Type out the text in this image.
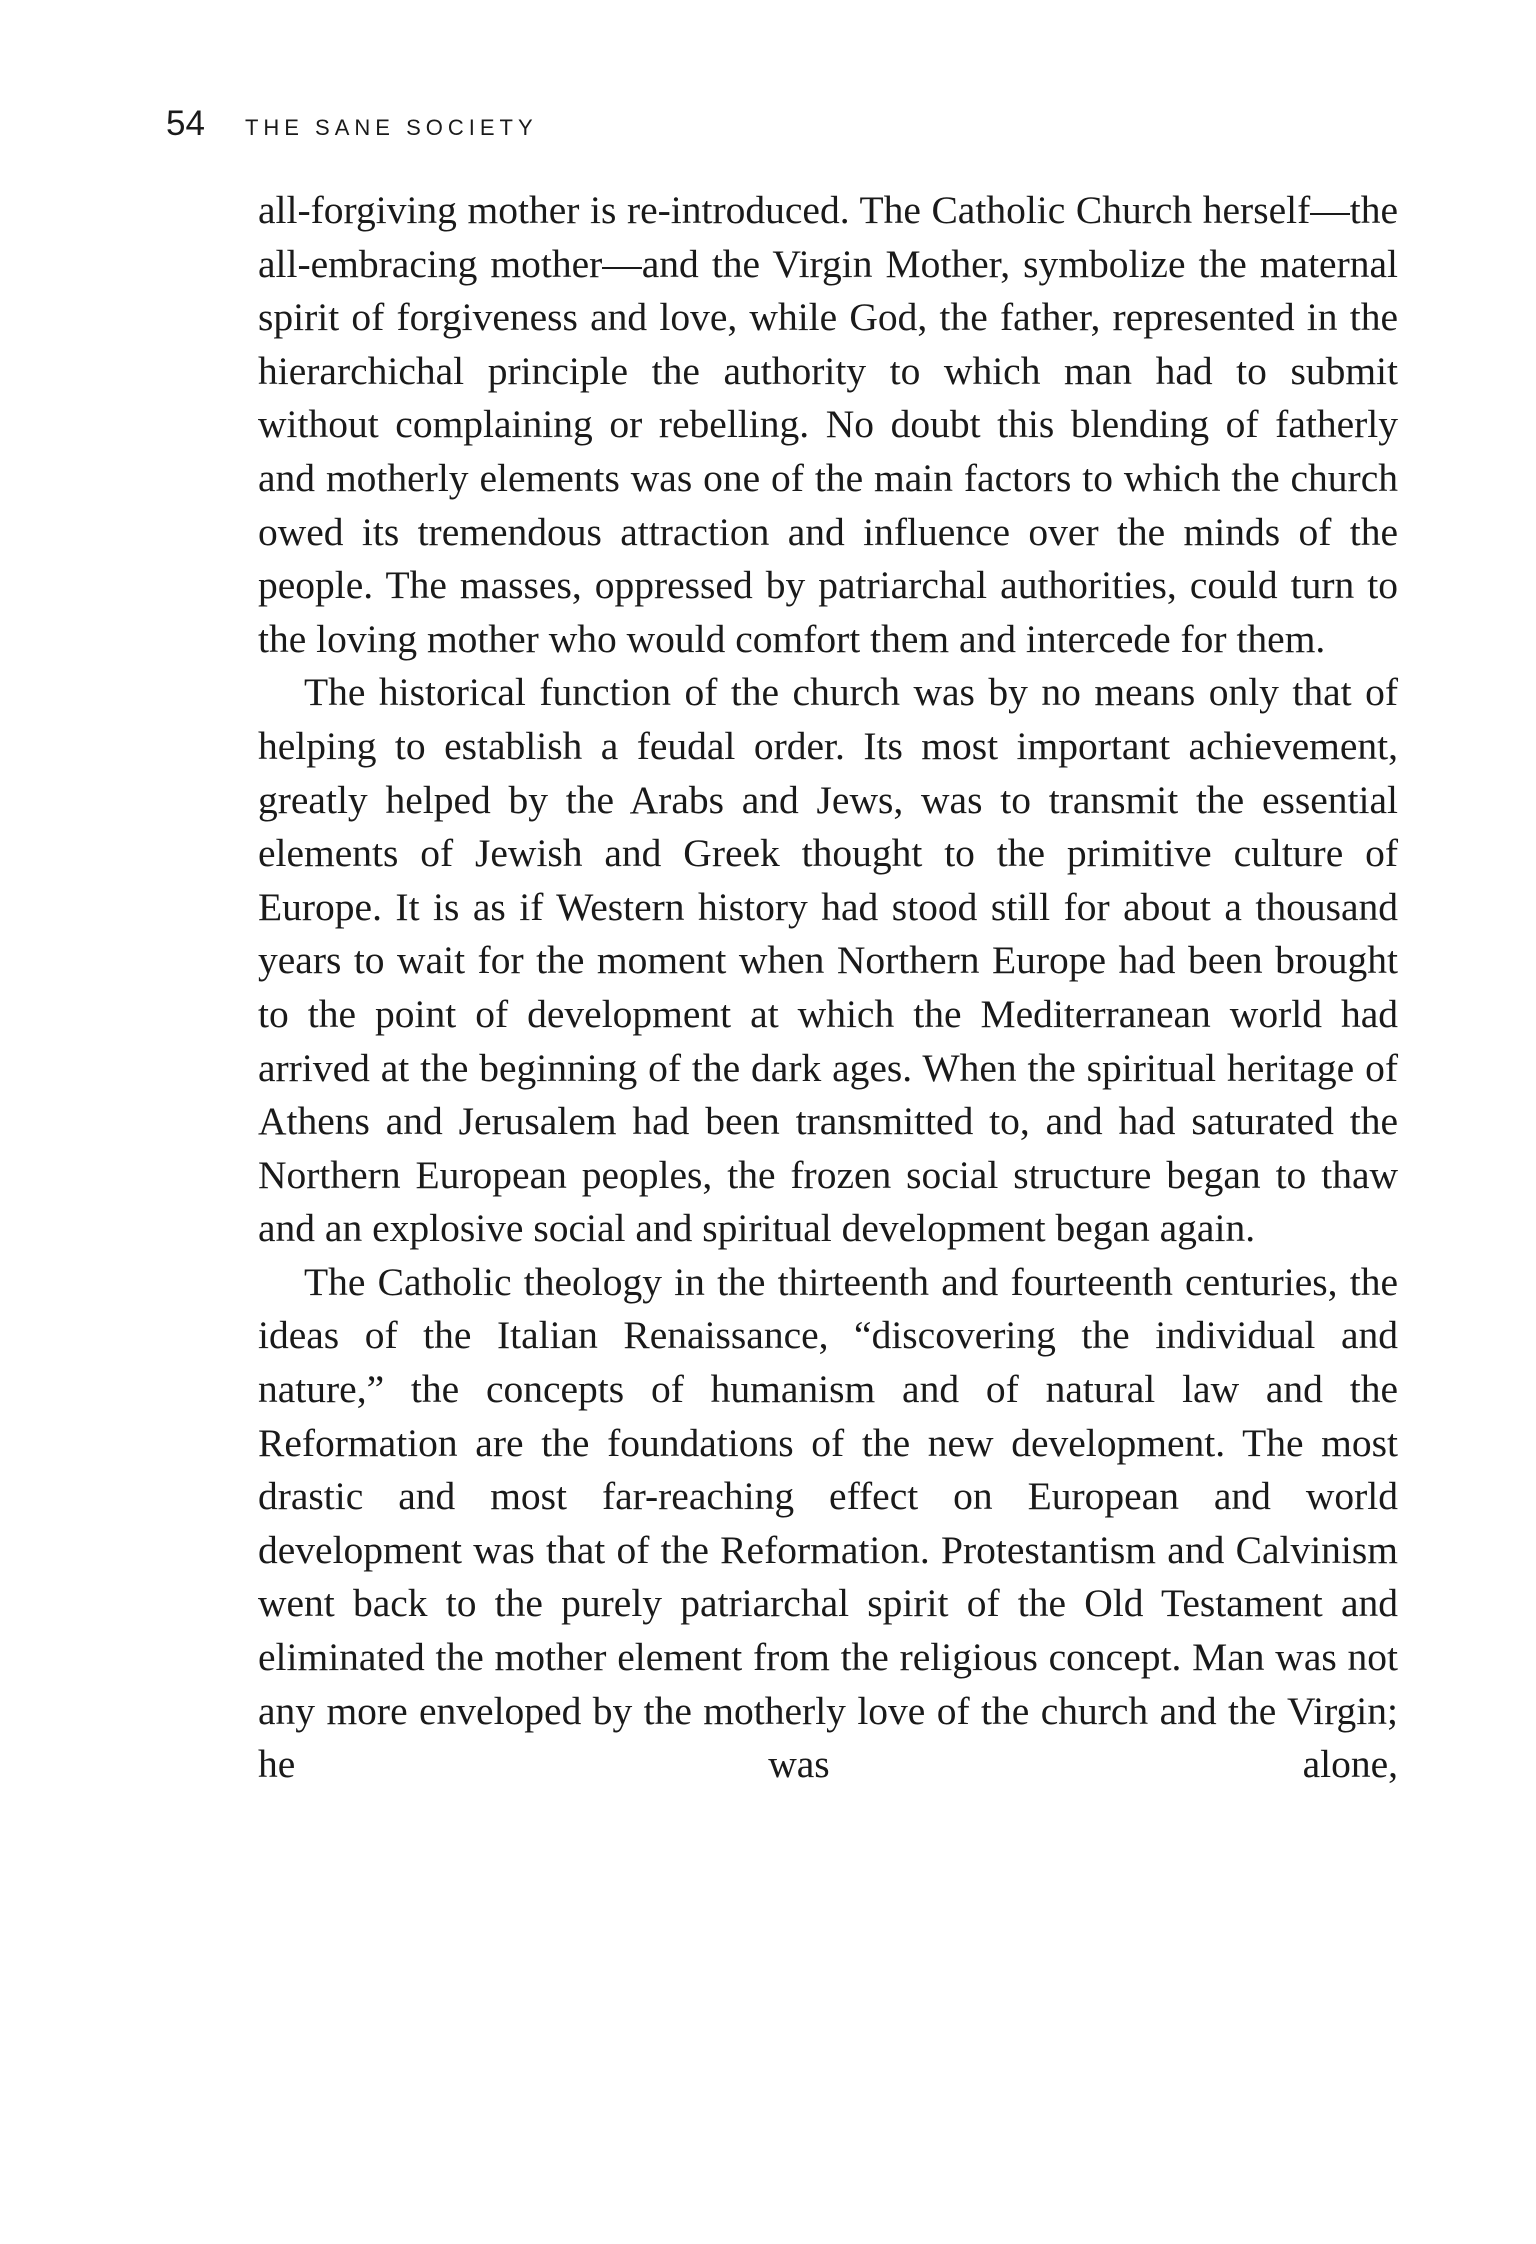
54 THE SANE SOCIETY

all-forgiving mother is re-introduced. The Catholic Church herself—the all-embracing mother—and the Virgin Mother, symbolize the maternal spirit of forgiveness and love, while God, the father, represented in the hierarchichal principle the authority to which man had to submit without complaining or rebelling. No doubt this blending of fatherly and motherly elements was one of the main factors to which the church owed its tremendous attraction and influence over the minds of the people. The masses, oppressed by patriarchal authorities, could turn to the loving mother who would comfort them and intercede for them.

The historical function of the church was by no means only that of helping to establish a feudal order. Its most important achievement, greatly helped by the Arabs and Jews, was to transmit the essential elements of Jewish and Greek thought to the primitive culture of Europe. It is as if Western history had stood still for about a thousand years to wait for the moment when Northern Europe had been brought to the point of development at which the Mediterranean world had arrived at the beginning of the dark ages. When the spiritual heritage of Athens and Jerusalem had been transmitted to, and had saturated the Northern European peoples, the frozen social structure began to thaw and an explosive social and spiritual development began again.

The Catholic theology in the thirteenth and fourteenth centuries, the ideas of the Italian Renaissance, “discovering the individual and nature,” the concepts of humanism and of natural law and the Reformation are the foundations of the new development. The most drastic and most far-reaching effect on European and world development was that of the Reformation. Protestantism and Calvinism went back to the purely patriarchal spirit of the Old Testament and eliminated the mother element from the religious concept. Man was not any more enveloped by the motherly love of the church and the Virgin; he was alone,
